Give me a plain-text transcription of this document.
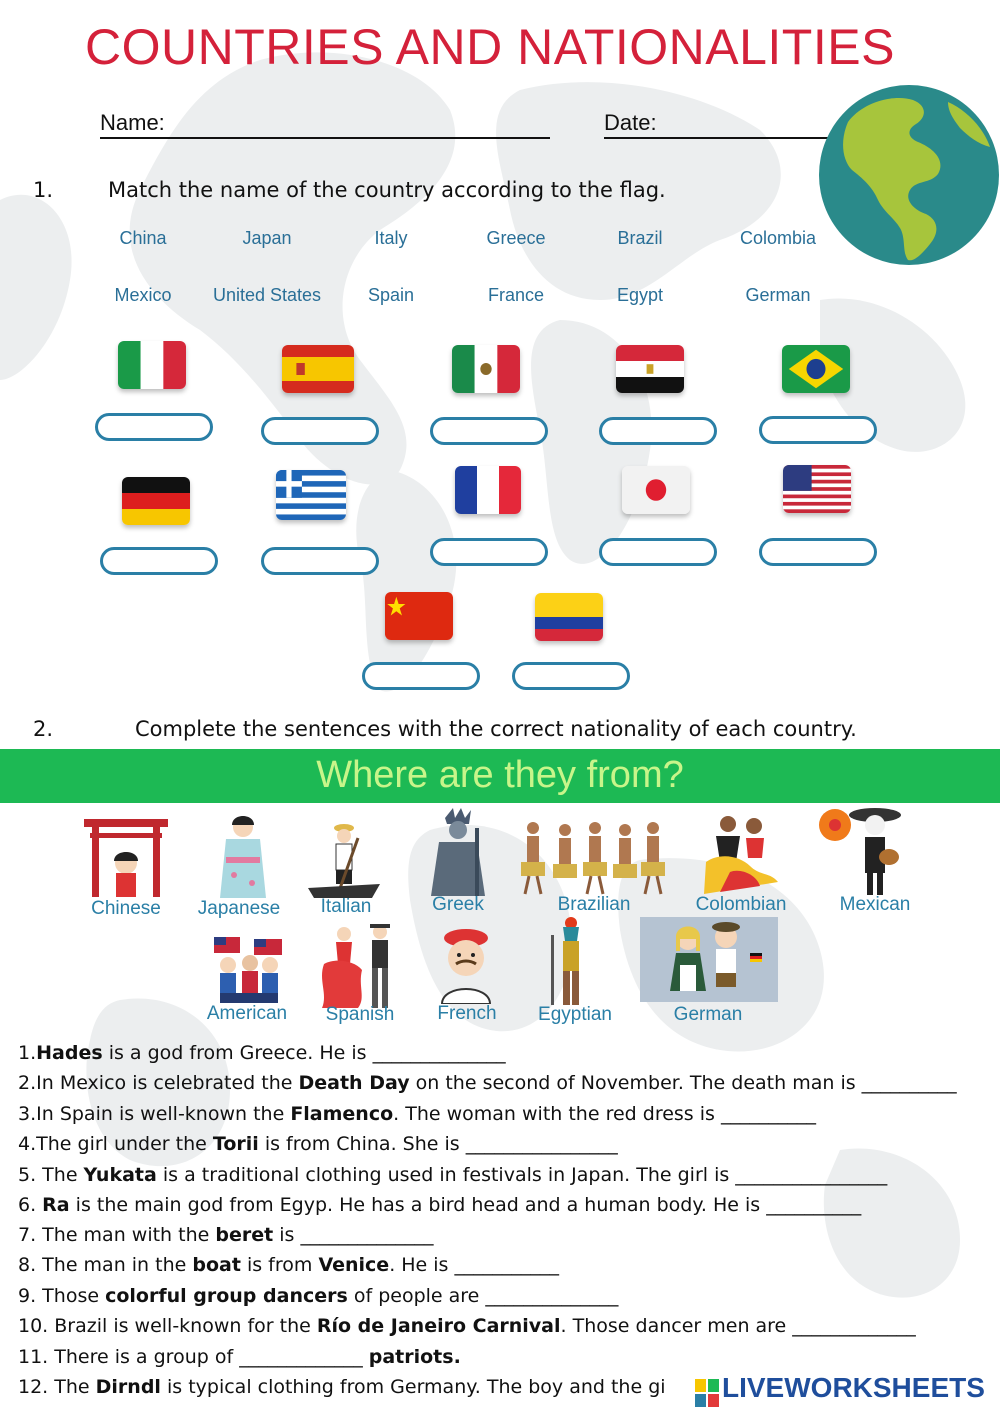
COUNTRIES AND NATIONALITIES
Name:	Date:
1.	Match the name of the country according to the flag.
China	Japan	Italy	Greece	Brazil	Colombia
Mexico	United States	Spain	France	Egypt	German
2.	Complete the sentences with the correct nationality of each country.
Where are they from?
Chinese	Japanese	Italian	Greek	Brazilian	Colombian	Mexican
American	Spanish	French	Egyptian	German
1.Hades is a god from Greece. He is ______________
2.In Mexico is celebrated the Death Day on the second of November. The death man is __________
3.In Spain is well-known the Flamenco. The woman with the red dress is __________
4.The girl under the Torii is from China. She is ________________
5. The Yukata is a traditional clothing used in festivals in Japan. The girl is ________________
6. Ra is the main god from Egyp. He has a bird head and a human body. He is __________
7. The man with the beret is ______________
8. The man in the boat is from Venice. He is ___________
9. Those colorful group dancers of people are ______________
10. Brazil is well-known for the Río de Janeiro Carnival. Those dancer men are _____________
11. There is a group of _____________ patriots.
12. The Dirndl is typical clothing from Germany. The boy and the gi LIVEWORKSHEETS
